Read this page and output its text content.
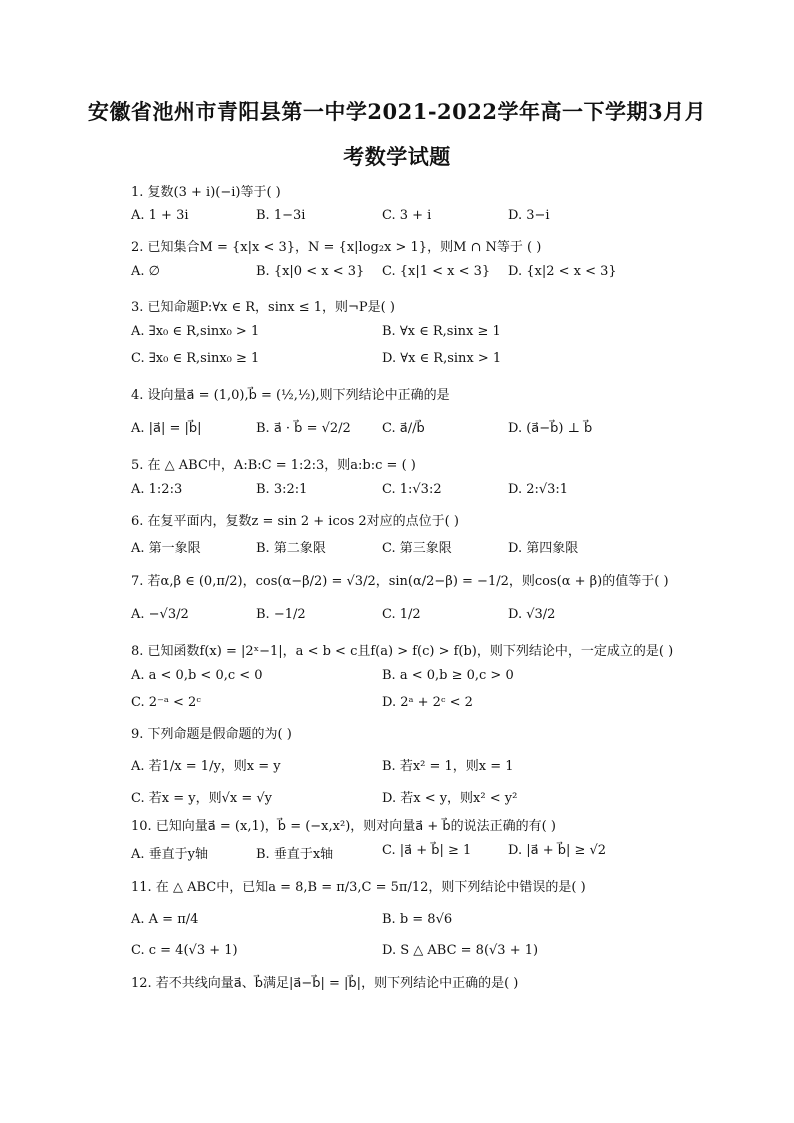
安徽省池州市青阳县第一中学2021-2022学年高一下学期3月月
考数学试题
1. 复数(3 + i)(−i)等于( )
A. 1 + 3i	B. 1−3i	C. 3 + i	D. 3−i
2. 已知集合M = {x|x < 3}，N = {x|log₂x > 1}，则M ∩ N等于 ( )
A. ∅	B. {x|0 < x < 3} C. {x|1 < x < 3} D. {x|2 < x < 3}
3. 已知命题P:∀x ∈ R，sinx ≤ 1，则¬P是( )
A. ∃x₀ ∈ R,sinx₀ > 1	B. ∀x ∈ R,sinx ≥ 1
C. ∃x₀ ∈ R,sinx₀ ≥ 1	D. ∀x ∈ R,sinx > 1
4. 设向量a⃗ = (1,0),b⃗ = (½,½),则下列结论中正确的是
A. |a⃗| = |b⃗|	B. a⃗ · b⃗ = √2/2 C. a⃗//b⃗	D. (a⃗−b⃗) ⊥ b⃗
5. 在 △ ABC中，A:B:C = 1:2:3，则a:b:c = ( )
A. 1:2:3	B. 3:2:1	C. 1:√3:2	D. 2:√3:1
6. 在复平面内，复数z = sin 2 + icos 2对应的点位于( )
A. 第一象限	B. 第二象限	C. 第三象限	D. 第四象限
7. 若α,β ∈ (0,π/2)，cos(α−β/2) = √3/2，sin(α/2−β) = −1/2，则cos(α + β)的值等于( )
A. −√3/2	B. −1/2	C. 1/2	D. √3/2
8. 已知函数f(x) = |2ˣ−1|，a < b < c且f(a) > f(c) > f(b)，则下列结论中，一定成立的是( )
A. a < 0,b < 0,c < 0	B. a < 0,b ≥ 0,c > 0
C. 2⁻ᵃ < 2ᶜ	D. 2ᵃ + 2ᶜ < 2
9. 下列命题是假命题的为( )
A. 若1/x = 1/y，则x = y	B. 若x² = 1，则x = 1
C. 若x = y，则√x = √y	D. 若x < y，则x² < y²
10. 已知向量a⃗ = (x,1)，b⃗ = (−x,x²)，则对向量a⃗ + b⃗的说法正确的有( )
A. 垂直于y轴	B. 垂直于x轴	C. |a⃗ + b⃗| ≥ 1	D. |a⃗ + b⃗| ≥ √2
11. 在 △ ABC中，已知a = 8,B = π/3,C = 5π/12，则下列结论中错误的是( )
A. A = π/4	B. b = 8√6
C. c = 4(√3 + 1)	D. S △ ABC = 8(√3 + 1)
12. 若不共线向量a⃗、b⃗满足|a⃗−b⃗| = |b⃗|，则下列结论中正确的是( )
